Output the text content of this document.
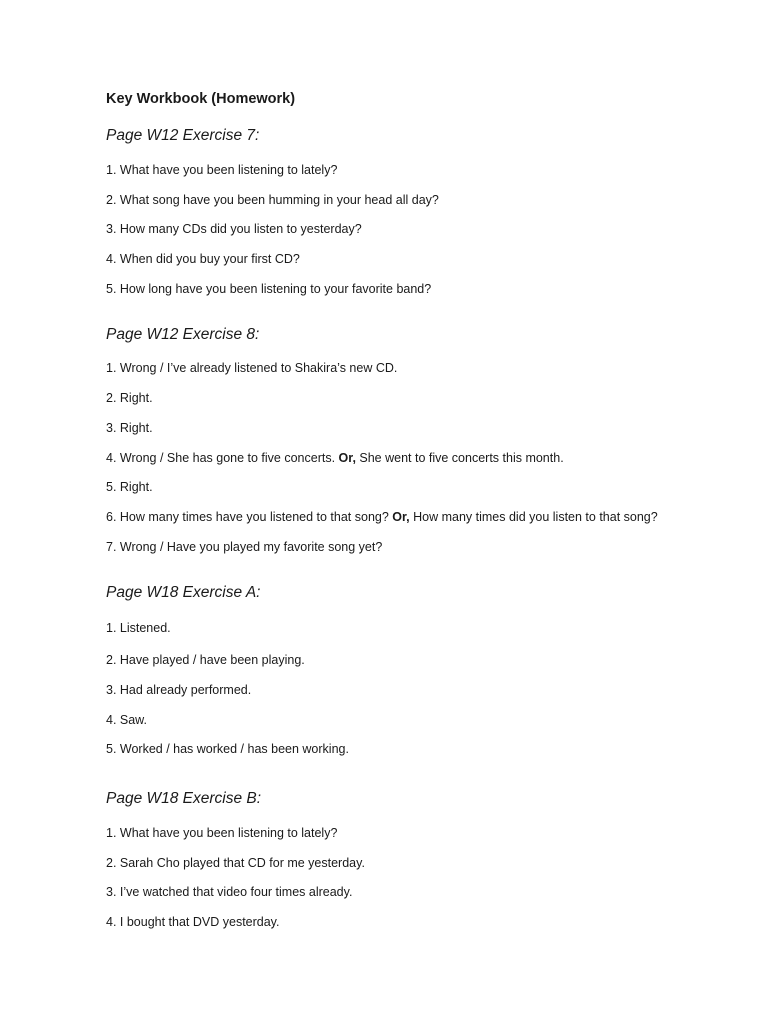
Key Workbook (Homework)
Page W12 Exercise 7:
1. What have you been listening to lately?
2. What song have you been humming in your head all day?
3. How many CDs did you listen to yesterday?
4. When did you buy your first CD?
5. How long have you been listening to your favorite band?
Page W12 Exercise 8:
1. Wrong / I’ve already listened to Shakira’s new CD.
2. Right.
3. Right.
4. Wrong / She has gone to five concerts. Or, She went to five concerts this month.
5. Right.
6. How many times have you listened to that song? Or, How many times did you listen to that song?
7. Wrong / Have you played my favorite song yet?
Page W18 Exercise A:
1. Listened.
2. Have played / have been playing.
3. Had already performed.
4. Saw.
5. Worked / has worked / has been working.
Page W18 Exercise B:
1. What have you been listening to lately?
2. Sarah Cho played that CD for me yesterday.
3. I’ve watched that video four times already.
4. I bought that DVD yesterday.
